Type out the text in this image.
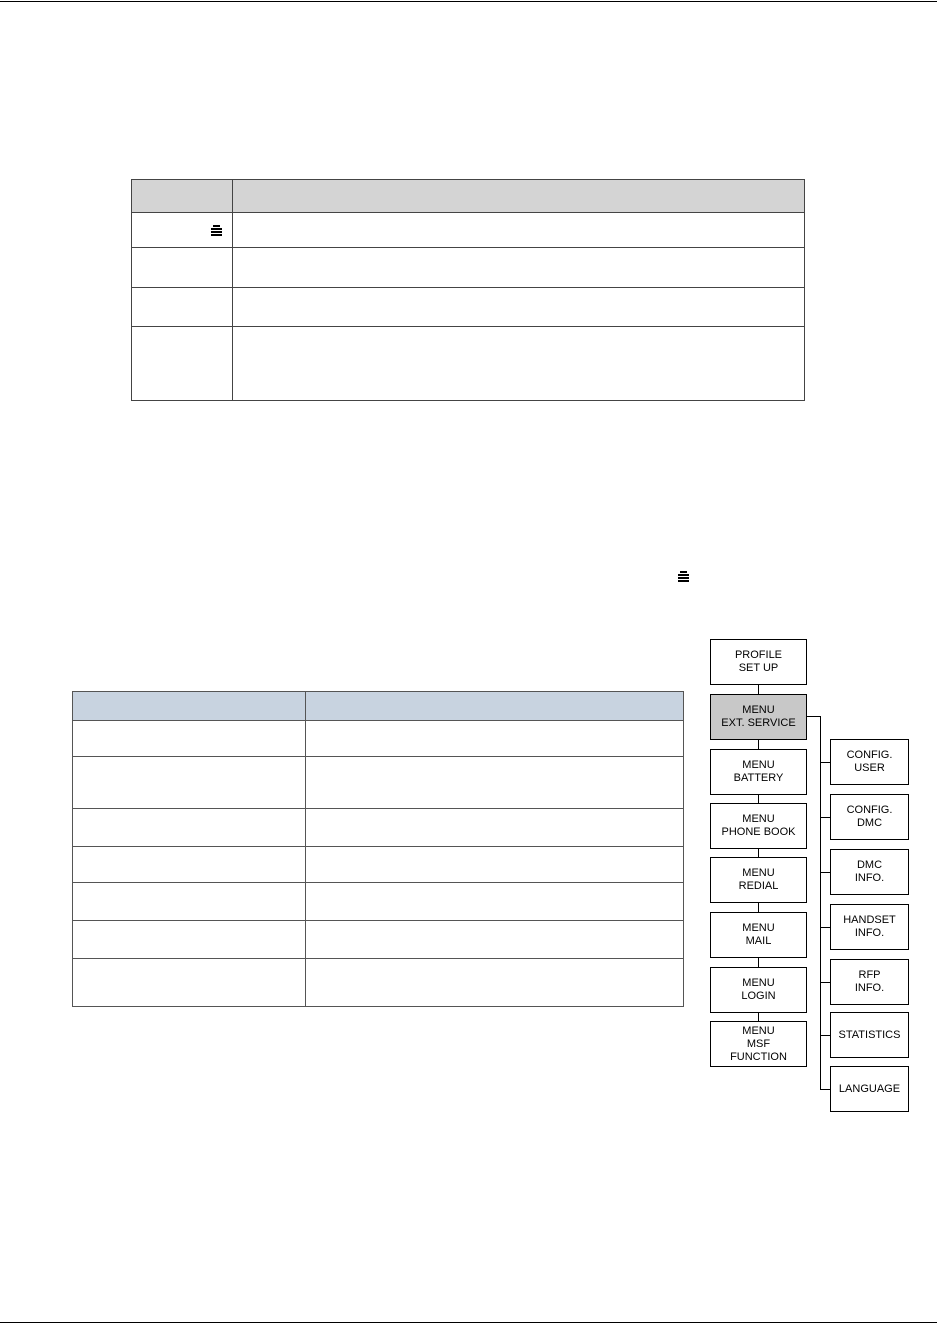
PROFILE
SET UP
MENU
EXT. SERVICE
MENU
BATTERY
MENU
PHONE BOOK
MENU
REDIAL
MENU
MAIL
MENU
LOGIN
MENU
MSF
FUNCTION
CONFIG.
USER
CONFIG.
DMC
DMC
INFO.
HANDSET
INFO.
RFP
INFO.
STATISTICS
LANGUAGE
